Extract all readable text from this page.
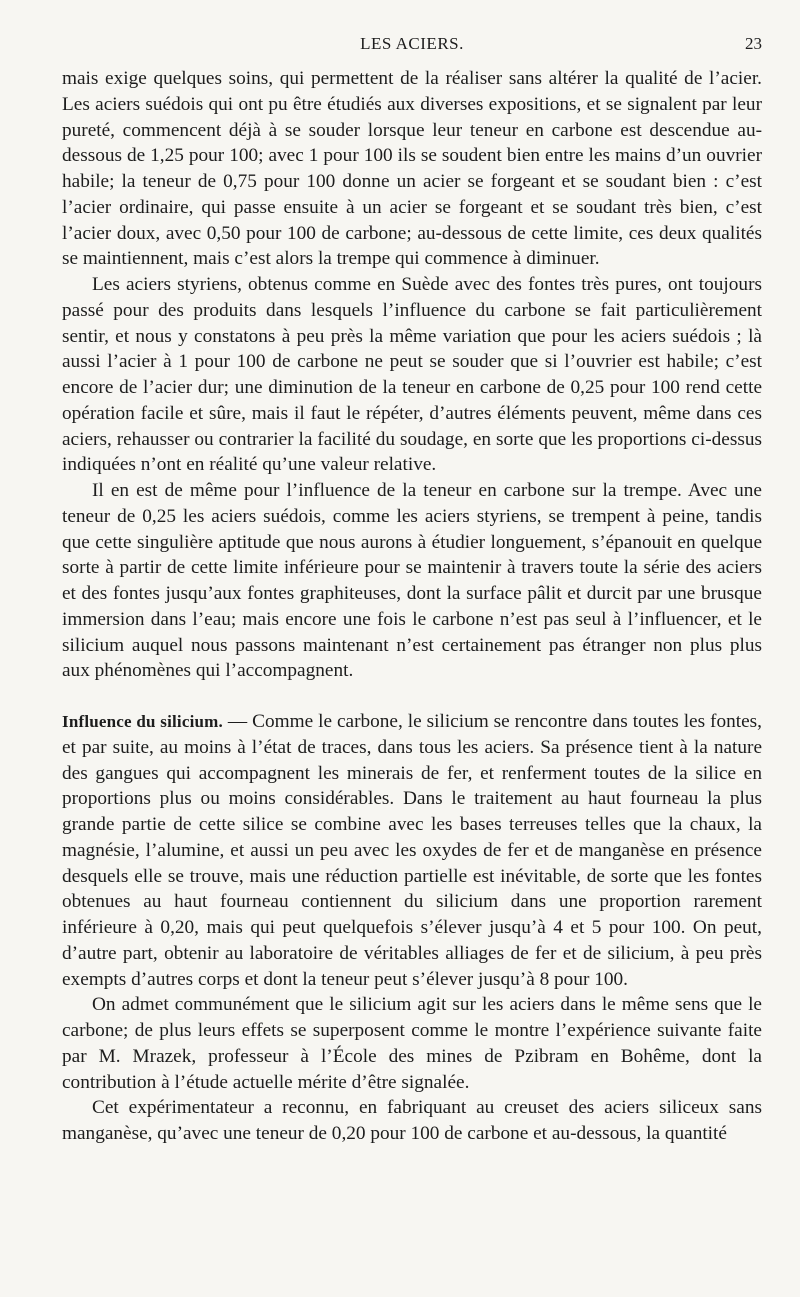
LES ACIERS.	23

mais exige quelques soins, qui permettent de la réaliser sans altérer la qualité de l’acier. Les aciers suédois qui ont pu être étudiés aux diverses expositions, et se signalent par leur pureté, commencent déjà à se souder lorsque leur teneur en carbone est descendue au-dessous de 1,25 pour 100; avec 1 pour 100 ils se soudent bien entre les mains d’un ouvrier habile; la teneur de 0,75 pour 100 donne un acier se forgeant et se soudant bien : c’est l’acier ordinaire, qui passe ensuite à un acier se forgeant et se soudant très bien, c’est l’acier doux, avec 0,50 pour 100 de carbone; au-dessous de cette limite, ces deux qualités se maintiennent, mais c’est alors la trempe qui commence à diminuer.

Les aciers styriens, obtenus comme en Suède avec des fontes très pures, ont toujours passé pour des produits dans lesquels l’influence du carbone se fait particulièrement sentir, et nous y constatons à peu près la même variation que pour les aciers suédois ; là aussi l’acier à 1 pour 100 de carbone ne peut se souder que si l’ouvrier est habile; c’est encore de l’acier dur; une diminution de la teneur en carbone de 0,25 pour 100 rend cette opération facile et sûre, mais il faut le répéter, d’autres éléments peuvent, même dans ces aciers, rehausser ou contrarier la facilité du soudage, en sorte que les proportions ci-dessus indiquées n’ont en réalité qu’une valeur relative.

Il en est de même pour l’influence de la teneur en carbone sur la trempe. Avec une teneur de 0,25 les aciers suédois, comme les aciers styriens, se trempent à peine, tandis que cette singulière aptitude que nous aurons à étudier longuement, s’épanouit en quelque sorte à partir de cette limite inférieure pour se maintenir à travers toute la série des aciers et des fontes jusqu’aux fontes graphiteuses, dont la surface pâlit et durcit par une brusque immersion dans l’eau; mais encore une fois le carbone n’est pas seul à l’influencer, et le silicium auquel nous passons maintenant n’est certainement pas étranger non plus plus aux phénomènes qui l’accompagnent.

Influence du silicium. — Comme le carbone, le silicium se rencontre dans toutes les fontes, et par suite, au moins à l’état de traces, dans tous les aciers. Sa présence tient à la nature des gangues qui accompagnent les minerais de fer, et renferment toutes de la silice en proportions plus ou moins considérables. Dans le traitement au haut fourneau la plus grande partie de cette silice se combine avec les bases terreuses telles que la chaux, la magnésie, l’alumine, et aussi un peu avec les oxydes de fer et de manganèse en présence desquels elle se trouve, mais une réduction partielle est inévitable, de sorte que les fontes obtenues au haut fourneau contiennent du silicium dans une proportion rarement inférieure à 0,20, mais qui peut quelquefois s’élever jusqu’à 4 et 5 pour 100. On peut, d’autre part, obtenir au laboratoire de véritables alliages de fer et de silicium, à peu près exempts d’autres corps et dont la teneur peut s’élever jusqu’à 8 pour 100.

On admet communément que le silicium agit sur les aciers dans le même sens que le carbone; de plus leurs effets se superposent comme le montre l’expérience suivante faite par M. Mrazek, professeur à l’École des mines de Pzibram en Bohême, dont la contribution à l’étude actuelle mérite d’être signalée.

Cet expérimentateur a reconnu, en fabriquant au creuset des aciers siliceux sans manganèse, qu’avec une teneur de 0,20 pour 100 de carbone et au-dessous, la quantité
